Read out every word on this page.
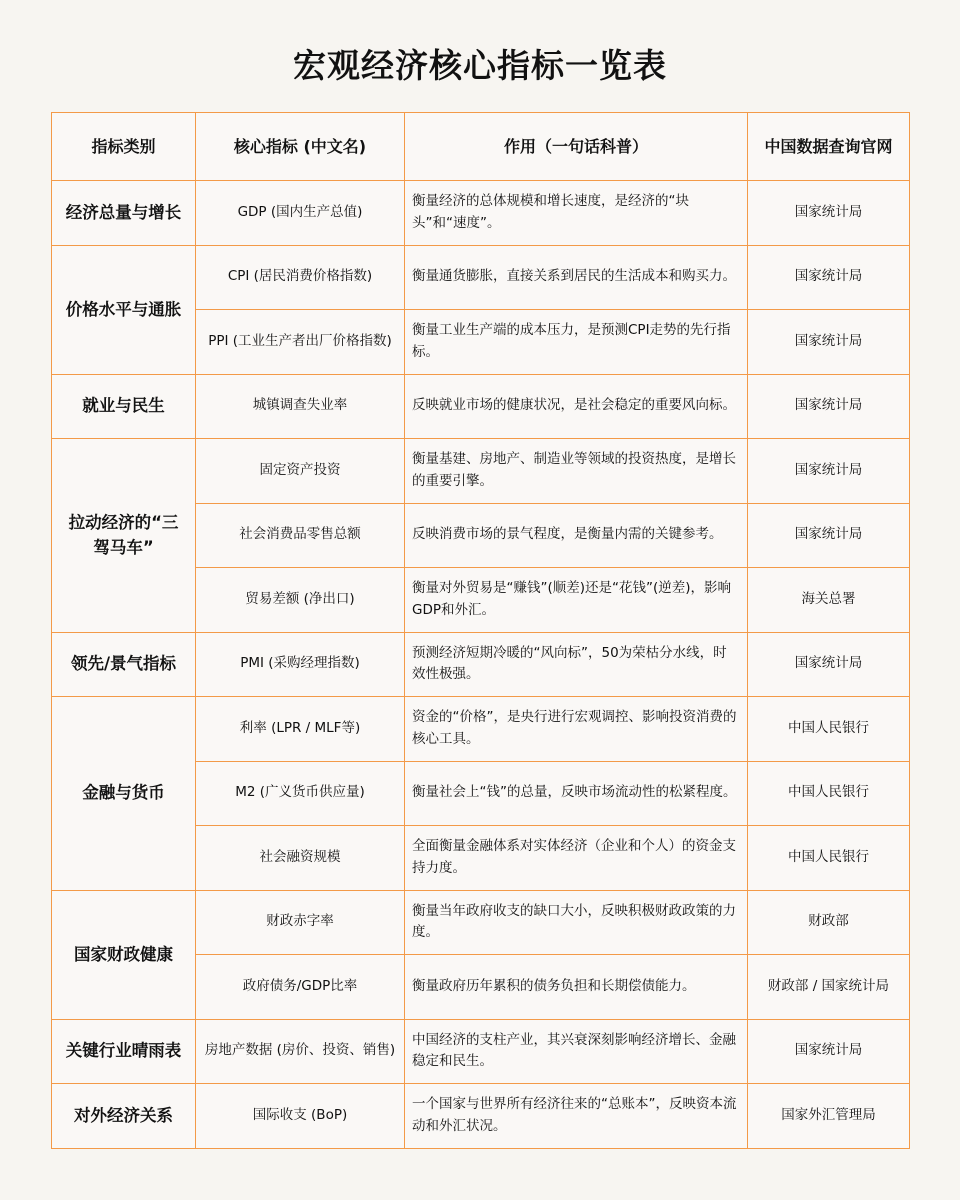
宏观经济核心指标一览表
指标类别	核心指标 (中文名)	作用（一句话科普）	中国数据查询官网
经济总量与增长	GDP (国内生产总值)	衡量经济的总体规模和增长速度，是经济的“块头”和“速度”。	国家统计局
价格水平与通胀	CPI (居民消费价格指数)	衡量通货膨胀，直接关系到居民的生活成本和购买力。	国家统计局
	PPI (工业生产者出厂价格指数)	衡量工业生产端的成本压力，是预测CPI走势的先行指标。	国家统计局
就业与民生	城镇调查失业率	反映就业市场的健康状况，是社会稳定的重要风向标。	国家统计局
拉动经济的“三驾马车”	固定资产投资	衡量基建、房地产、制造业等领域的投资热度，是增长的重要引擎。	国家统计局
	社会消费品零售总额	反映消费市场的景气程度，是衡量内需的关键参考。	国家统计局
	贸易差额 (净出口)	衡量对外贸易是“赚钱”(顺差)还是“花钱”(逆差)，影响GDP和外汇。	海关总署
领先/景气指标	PMI (采购经理指数)	预测经济短期冷暖的“风向标”，50为荣枯分水线，时效性极强。	国家统计局
金融与货币	利率 (LPR / MLF等)	资金的“价格”，是央行进行宏观调控、影响投资消费的核心工具。	中国人民银行
	M2 (广义货币供应量)	衡量社会上“钱”的总量，反映市场流动性的松紧程度。	中国人民银行
	社会融资规模	全面衡量金融体系对实体经济（企业和个人）的资金支持力度。	中国人民银行
国家财政健康	财政赤字率	衡量当年政府收支的缺口大小，反映积极财政政策的力度。	财政部
	政府债务/GDP比率	衡量政府历年累积的债务负担和长期偿债能力。	财政部 / 国家统计局
关键行业晴雨表	房地产数据 (房价、投资、销售)	中国经济的支柱产业，其兴衰深刻影响经济增长、金融稳定和民生。	国家统计局
对外经济关系	国际收支 (BoP)	一个国家与世界所有经济往来的“总账本”，反映资本流动和外汇状况。	国家外汇管理局
